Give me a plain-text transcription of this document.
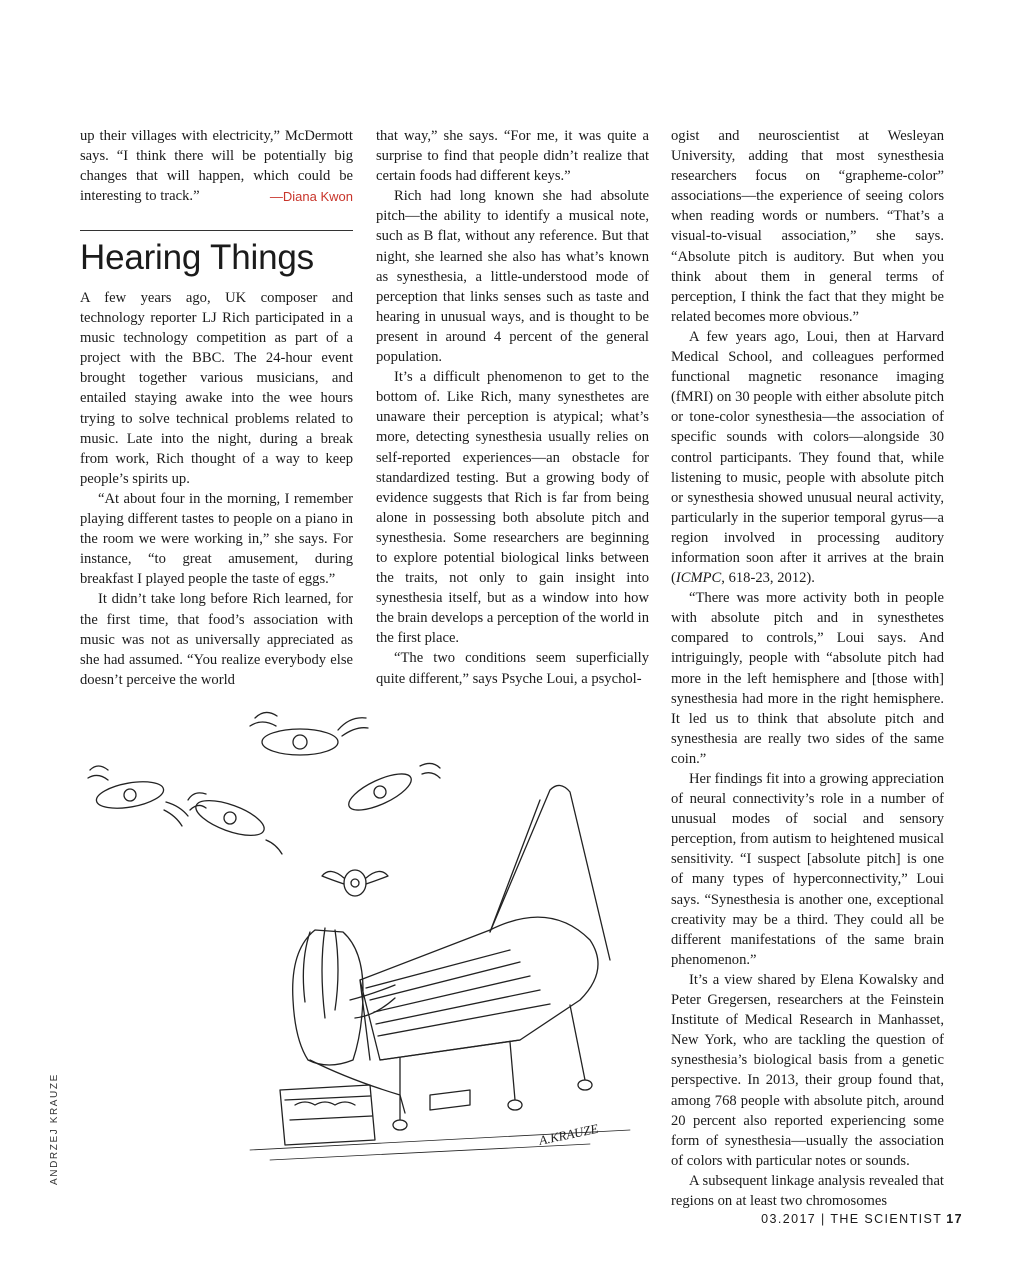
up their villages with electricity,” McDermott says. “I think there will be potentially big changes that will happen, which could be interesting to track.”	—Diana Kwon

Hearing Things

A few years ago, UK composer and technology reporter LJ Rich participated in a music technology competition as part of a project with the BBC. The 24-hour event brought together various musicians, and entailed staying awake into the wee hours trying to solve technical problems related to music. Late into the night, during a break from work, Rich thought of a way to keep people’s spirits up.

“At about four in the morning, I remember playing different tastes to people on a piano in the room we were working in,” she says. For instance, “to great amusement, during breakfast I played people the taste of eggs.”

It didn’t take long before Rich learned, for the first time, that food’s association with music was not as universally appreciated as she had assumed. “You realize everybody else doesn’t perceive the world

that way,” she says. “For me, it was quite a surprise to find that people didn’t realize that certain foods had different keys.”

Rich had long known she had absolute pitch—the ability to identify a musical note, such as B flat, without any reference. But that night, she learned she also has what’s known as synesthesia, a little-understood mode of perception that links senses such as taste and hearing in unusual ways, and is thought to be present in around 4 percent of the general population.

It’s a difficult phenomenon to get to the bottom of. Like Rich, many synesthetes are unaware their perception is atypical; what’s more, detecting synesthesia usually relies on self-reported experiences—an obstacle for standardized testing. But a growing body of evidence suggests that Rich is far from being alone in possessing both absolute pitch and synesthesia. Some researchers are beginning to explore potential biological links between the traits, not only to gain insight into synesthesia itself, but as a window into how the brain develops a perception of the world in the first place.

“The two conditions seem superficially quite different,” says Psyche Loui, a psychol-

ogist and neuroscientist at Wesleyan University, adding that most synesthesia researchers focus on “grapheme-color” associations—the experience of seeing colors when reading words or numbers. “That’s a visual-to-visual association,” she says. “Absolute pitch is auditory. But when you think about them in general terms of perception, I think the fact that they might be related becomes more obvious.”

A few years ago, Loui, then at Harvard Medical School, and colleagues performed functional magnetic resonance imaging (fMRI) on 30 people with either absolute pitch or tone-color synesthesia—the association of specific sounds with colors—alongside 30 control participants. They found that, while listening to music, people with absolute pitch or synesthesia showed unusual neural activity, particularly in the superior temporal gyrus—a region involved in processing auditory information soon after it arrives at the brain (ICMPC, 618-23, 2012).

“There was more activity both in people with absolute pitch and in synesthetes compared to controls,” Loui says. And intriguingly, people with “absolute pitch had more in the left hemisphere and [those with] synesthesia had more in the right hemisphere. It led us to think that absolute pitch and synesthesia are really two sides of the same coin.”

Her findings fit into a growing appreciation of neural connectivity’s role in a number of unusual modes of social and sensory perception, from autism to heightened musical sensitivity. “I suspect [absolute pitch] is one of many types of hyperconnectivity,” Loui says. “Synesthesia is another one, exceptional creativity may be a third. They could all be different manifestations of the same brain phenomenon.”

It’s a view shared by Elena Kowalsky and Peter Gregersen, researchers at the Feinstein Institute of Medical Research in Manhasset, New York, who are tackling the question of synesthesia’s biological basis from a genetic perspective. In 2013, their group found that, among 768 people with absolute pitch, around 20 percent also reported experiencing some form of synesthesia—usually the association of colors with particular notes or sounds.

A subsequent linkage analysis revealed that regions on at least two chromosomes

A.KRAUZE
ANDRZEJ KRAUZE
03.2017 | THE SCIENTIST 17
